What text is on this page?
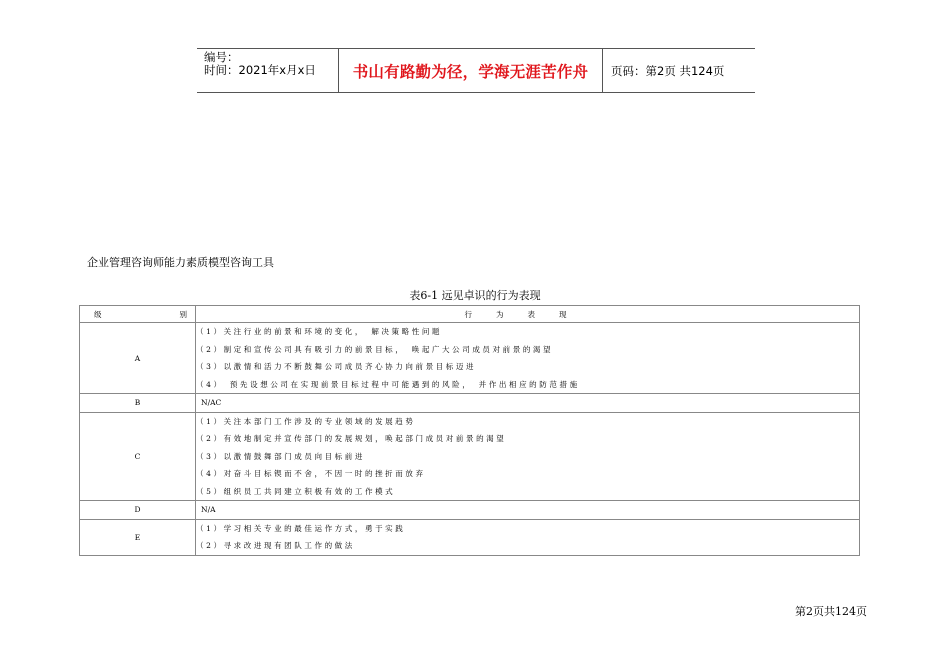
编号：
时间：2021年x月x日	书山有路勤为径，学海无涯苦作舟	页码：第2页 共124页
企业管理咨询师能力素质模型咨询工具
表6-1 远见卓识的行为表现
级 别	行为表现
A	（1）关注行业的前景和环境的变化，　解决策略性问题
（2）制定和宣传公司具有吸引力的前景目标，　唤起广大公司成员对前景的渴望
（3）以激情和活力不断鼓舞公司成员齐心协力向前景目标迈进
（4）　预先设想公司在实现前景目标过程中可能遇到的风险，　并作出相应的防范措施

B	N/AC

C	（1）关注本部门工作涉及的专业领域的发展趋势
（2）有效地制定并宣传部门的发展规划，唤起部门成员对前景的渴望
（3）以激情鼓舞部门成员向目标前进
（4）对奋斗目标锲而不舍，不因一时的挫折而放弃
（5）组织员工共同建立积极有效的工作模式

D	N/A

E	（1）学习相关专业的最佳运作方式，勇于实践
（2）寻求改进现有团队工作的做法
第2页共124页
